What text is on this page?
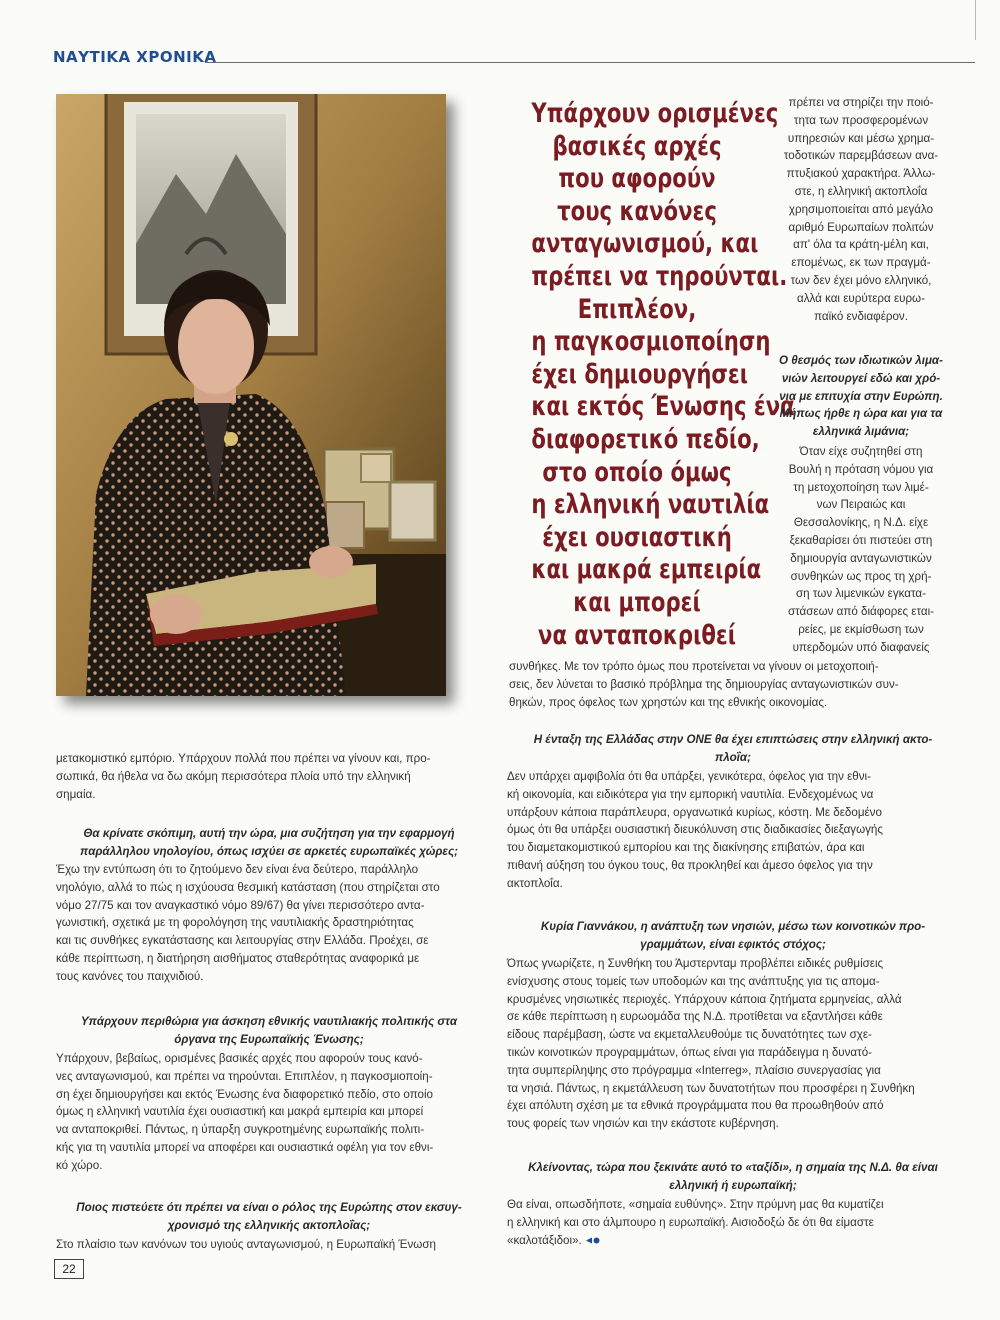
ΝΑΥΤΙΚΑ ΧΡΟΝΙΚΑ
Υπάρχουν ορισμένες
βασικές αρχές
που αφορούν
τους κανόνες
ανταγωνισμού, και
πρέπει να τηρούνται.
Επιπλέον,
η παγκοσμιοποίηση
έχει δημιουργήσει
και εκτός Ένωσης ένα
διαφορετικό πεδίο,
στο οποίο όμως
η ελληνική ναυτιλία
έχει ουσιαστική
και μακρά εμπειρία
και μπορεί
να ανταποκριθεί
πρέπει να στηρίζει την ποιό-
τητα των προσφερομένων
υπηρεσιών και μέσω χρημα-
τοδοτικών παρεμβάσεων ανα-
πτυξιακού χαρακτήρα. Άλλω-
στε, η ελληνική ακτοπλοΐα
χρησιμοποιείται από μεγάλο
αριθμό Ευρωπαίων πολιτών
απ' όλα τα κράτη-μέλη και,
επομένως, εκ των πραγμά-
των δεν έχει μόνο ελληνικό,
αλλά και ευρύτερα ευρω-
παϊκό ενδιαφέρον.
Ο θεσμός των ιδιωτικών λιμα-
νιών λειτουργεί εδώ και χρό-
νια με επιτυχία στην Ευρώπη.
Μήπως ήρθε η ώρα και για τα
ελληνικά λιμάνια;
Όταν είχε συζητηθεί στη
Βουλή η πρόταση νόμου για
τη μετοχοποίηση των λιμέ-
νων Πειραιώς και
Θεσσαλονίκης, η Ν.Δ. είχε
ξεκαθαρίσει ότι πιστεύει στη
δημιουργία ανταγωνιστικών
συνθηκών ως προς τη χρή-
ση των λιμενικών εγκατα-
στάσεων από διάφορες εται-
ρείες, με εκμίσθωση των
υπερδομών υπό διαφανείς
συνθήκες. Με τον τρόπο όμως που προτείνεται να γίνουν οι μετοχοποιή-
σεις, δεν λύνεται το βασικό πρόβλημα της δημιουργίας ανταγωνιστικών συν-
θηκών, προς όφελος των χρηστών και της εθνικής οικονομίας.
μετακομιστικό εμπόριο. Υπάρχουν πολλά που πρέπει να γίνουν και, προ-
σωπικά, θα ήθελα να δω ακόμη περισσότερα πλοία υπό την ελληνική
σημαία.
Θα κρίνατε σκόπιμη, αυτή την ώρα, μια συζήτηση για την εφαρμογή
παράλληλου νηολογίου, όπως ισχύει σε αρκετές ευρωπαϊκές χώρες;
Έχω την εντύπωση ότι το ζητούμενο δεν είναι ένα δεύτερο, παράλληλο
νηολόγιο, αλλά το πώς η ισχύουσα θεσμική κατάσταση (που στηρίζεται στο
νόμο 27/75 και τον αναγκαστικό νόμο 89/67) θα γίνει περισσότερο αντα-
γωνιστική, σχετικά με τη φορολόγηση της ναυτιλιακής δραστηριότητας
και τις συνθήκες εγκατάστασης και λειτουργίας στην Ελλάδα. Προέχει, σε
κάθε περίπτωση, η διατήρηση αισθήματος σταθερότητας αναφορικά με
τους κανόνες του παιχνιδιού.
Υπάρχουν περιθώρια για άσκηση εθνικής ναυτιλιακής πολιτικής στα
όργανα της Ευρωπαϊκής Ένωσης;
Υπάρχουν, βεβαίως, ορισμένες βασικές αρχές που αφορούν τους κανό-
νες ανταγωνισμού, και πρέπει να τηρούνται. Επιπλέον, η παγκοσμιοποίη-
ση έχει δημιουργήσει και εκτός Ένωσης ένα διαφορετικό πεδίο, στο οποίο
όμως η ελληνική ναυτιλία έχει ουσιαστική και μακρά εμπειρία και μπορεί
να ανταποκριθεί. Πάντως, η ύπαρξη συγκροτημένης ευρωπαϊκής πολιτι-
κής για τη ναυτιλία μπορεί να αποφέρει και ουσιαστικά οφέλη για τον εθνι-
κό χώρο.
Ποιος πιστεύετε ότι πρέπει να είναι ο ρόλος της Ευρώπης στον εκσυγ-
χρονισμό της ελληνικής ακτοπλοΐας;
Στο πλαίσιο των κανόνων του υγιούς ανταγωνισμού, η Ευρωπαϊκή Ένωση
Η ένταξη της Ελλάδας στην ΟΝΕ θα έχει επιπτώσεις στην ελληνική ακτο-
πλοΐα;
Δεν υπάρχει αμφιβολία ότι θα υπάρξει, γενικότερα, όφελος για την εθνι-
κή οικονομία, και ειδικότερα για την εμπορική ναυτιλία. Ενδεχομένως να
υπάρξουν κάποια παράπλευρα, οργανωτικά κυρίως, κόστη. Με δεδομένο
όμως ότι θα υπάρξει ουσιαστική διευκόλυνση στις διαδικασίες διεξαγωγής
του διαμετακομιστικού εμπορίου και της διακίνησης επιβατών, άρα και
πιθανή αύξηση του όγκου τους, θα προκληθεί και άμεσο όφελος για την
ακτοπλοΐα.
Κυρία Γιαννάκου, η ανάπτυξη των νησιών, μέσω των κοινοτικών προ-
γραμμάτων, είναι εφικτός στόχος;
Όπως γνωρίζετε, η Συνθήκη του Άμστερνταμ προβλέπει ειδικές ρυθμίσεις
ενίσχυσης στους τομείς των υποδομών και της ανάπτυξης για τις απομα-
κρυσμένες νησιωτικές περιοχές. Υπάρχουν κάποια ζητήματα ερμηνείας, αλλά
σε κάθε περίπτωση η ευρωομάδα της Ν.Δ. προτίθεται να εξαντλήσει κάθε
είδους παρέμβαση, ώστε να εκμεταλλευθούμε τις δυνατότητες των σχε-
τικών κοινοτικών προγραμμάτων, όπως είναι για παράδειγμα η δυνατό-
τητα συμπερίληψης στο πρόγραμμα «Interreg», πλαίσιο συνεργασίας για
τα νησιά. Πάντως, η εκμετάλλευση των δυνατοτήτων που προσφέρει η Συνθήκη
έχει απόλυτη σχέση με τα εθνικά προγράμματα που θα προωθηθούν από
τους φορείς των νησιών και την εκάστοτε κυβέρνηση.
Κλείνοντας, τώρα που ξεκινάτε αυτό το «ταξίδι», η σημαία της Ν.Δ. θα είναι
ελληνική ή ευρωπαϊκή;
Θα είναι, οπωσδήποτε, «σημαία ευθύνης». Στην πρύμνη μας θα κυματίζει
η ελληνική και στο άλμπουρο η ευρωπαϊκή. Αισιοδοξώ δε ότι θα είμαστε
«καλοτάξιδοι».
22
